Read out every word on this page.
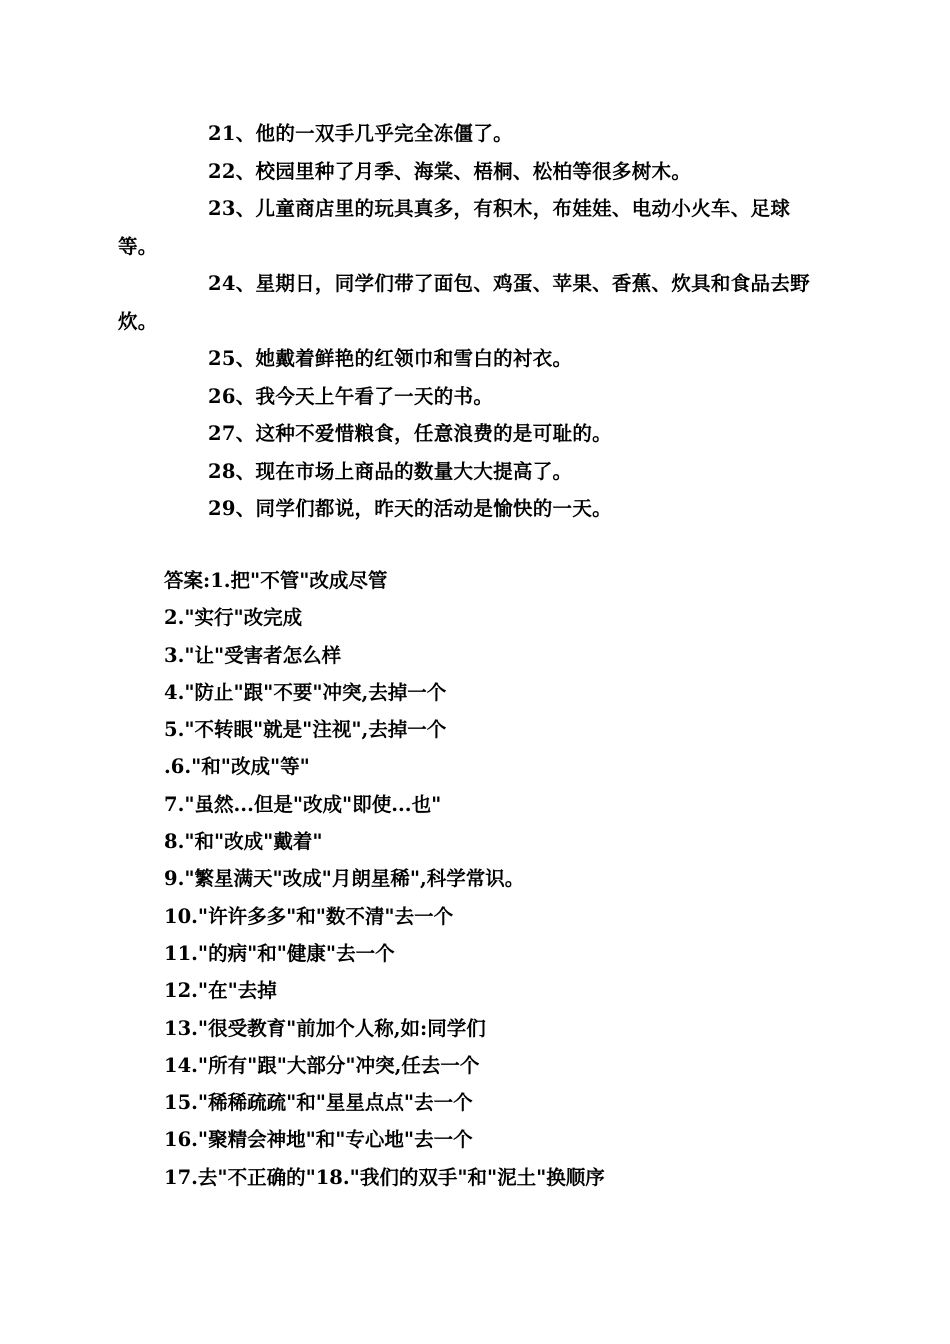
21、他的一双手几乎完全冻僵了。

22、校园里种了月季、海棠、梧桐、松柏等很多树木。

23、儿童商店里的玩具真多，有积木，布娃娃、电动小火车、足球等。

24、星期日，同学们带了面包、鸡蛋、苹果、香蕉、炊具和食品去野炊。

25、她戴着鲜艳的红领巾和雪白的衬衣。

26、我今天上午看了一天的书。

27、这种不爱惜粮食，任意浪费的是可耻的。

28、现在市场上商品的数量大大提高了。

29、同学们都说，昨天的活动是愉快的一天。

答案:1.把"不管"改成尽管

2."实行"改完成

3."让"受害者怎么样

4."防止"跟"不要"冲突,去掉一个

5."不转眼"就是"注视",去掉一个

.6."和"改成"等"

7."虽然...但是"改成"即使...也"

8."和"改成"戴着"

9."繁星满天"改成"月朗星稀",科学常识。

10."许许多多"和"数不清"去一个

11."的病"和"健康"去一个

12."在"去掉

13."很受教育"前加个人称,如:同学们

14."所有"跟"大部分"冲突,任去一个

15."稀稀疏疏"和"星星点点"去一个

16."聚精会神地"和"专心地"去一个

17.去"不正确的"18."我们的双手"和"泥土"换顺序
